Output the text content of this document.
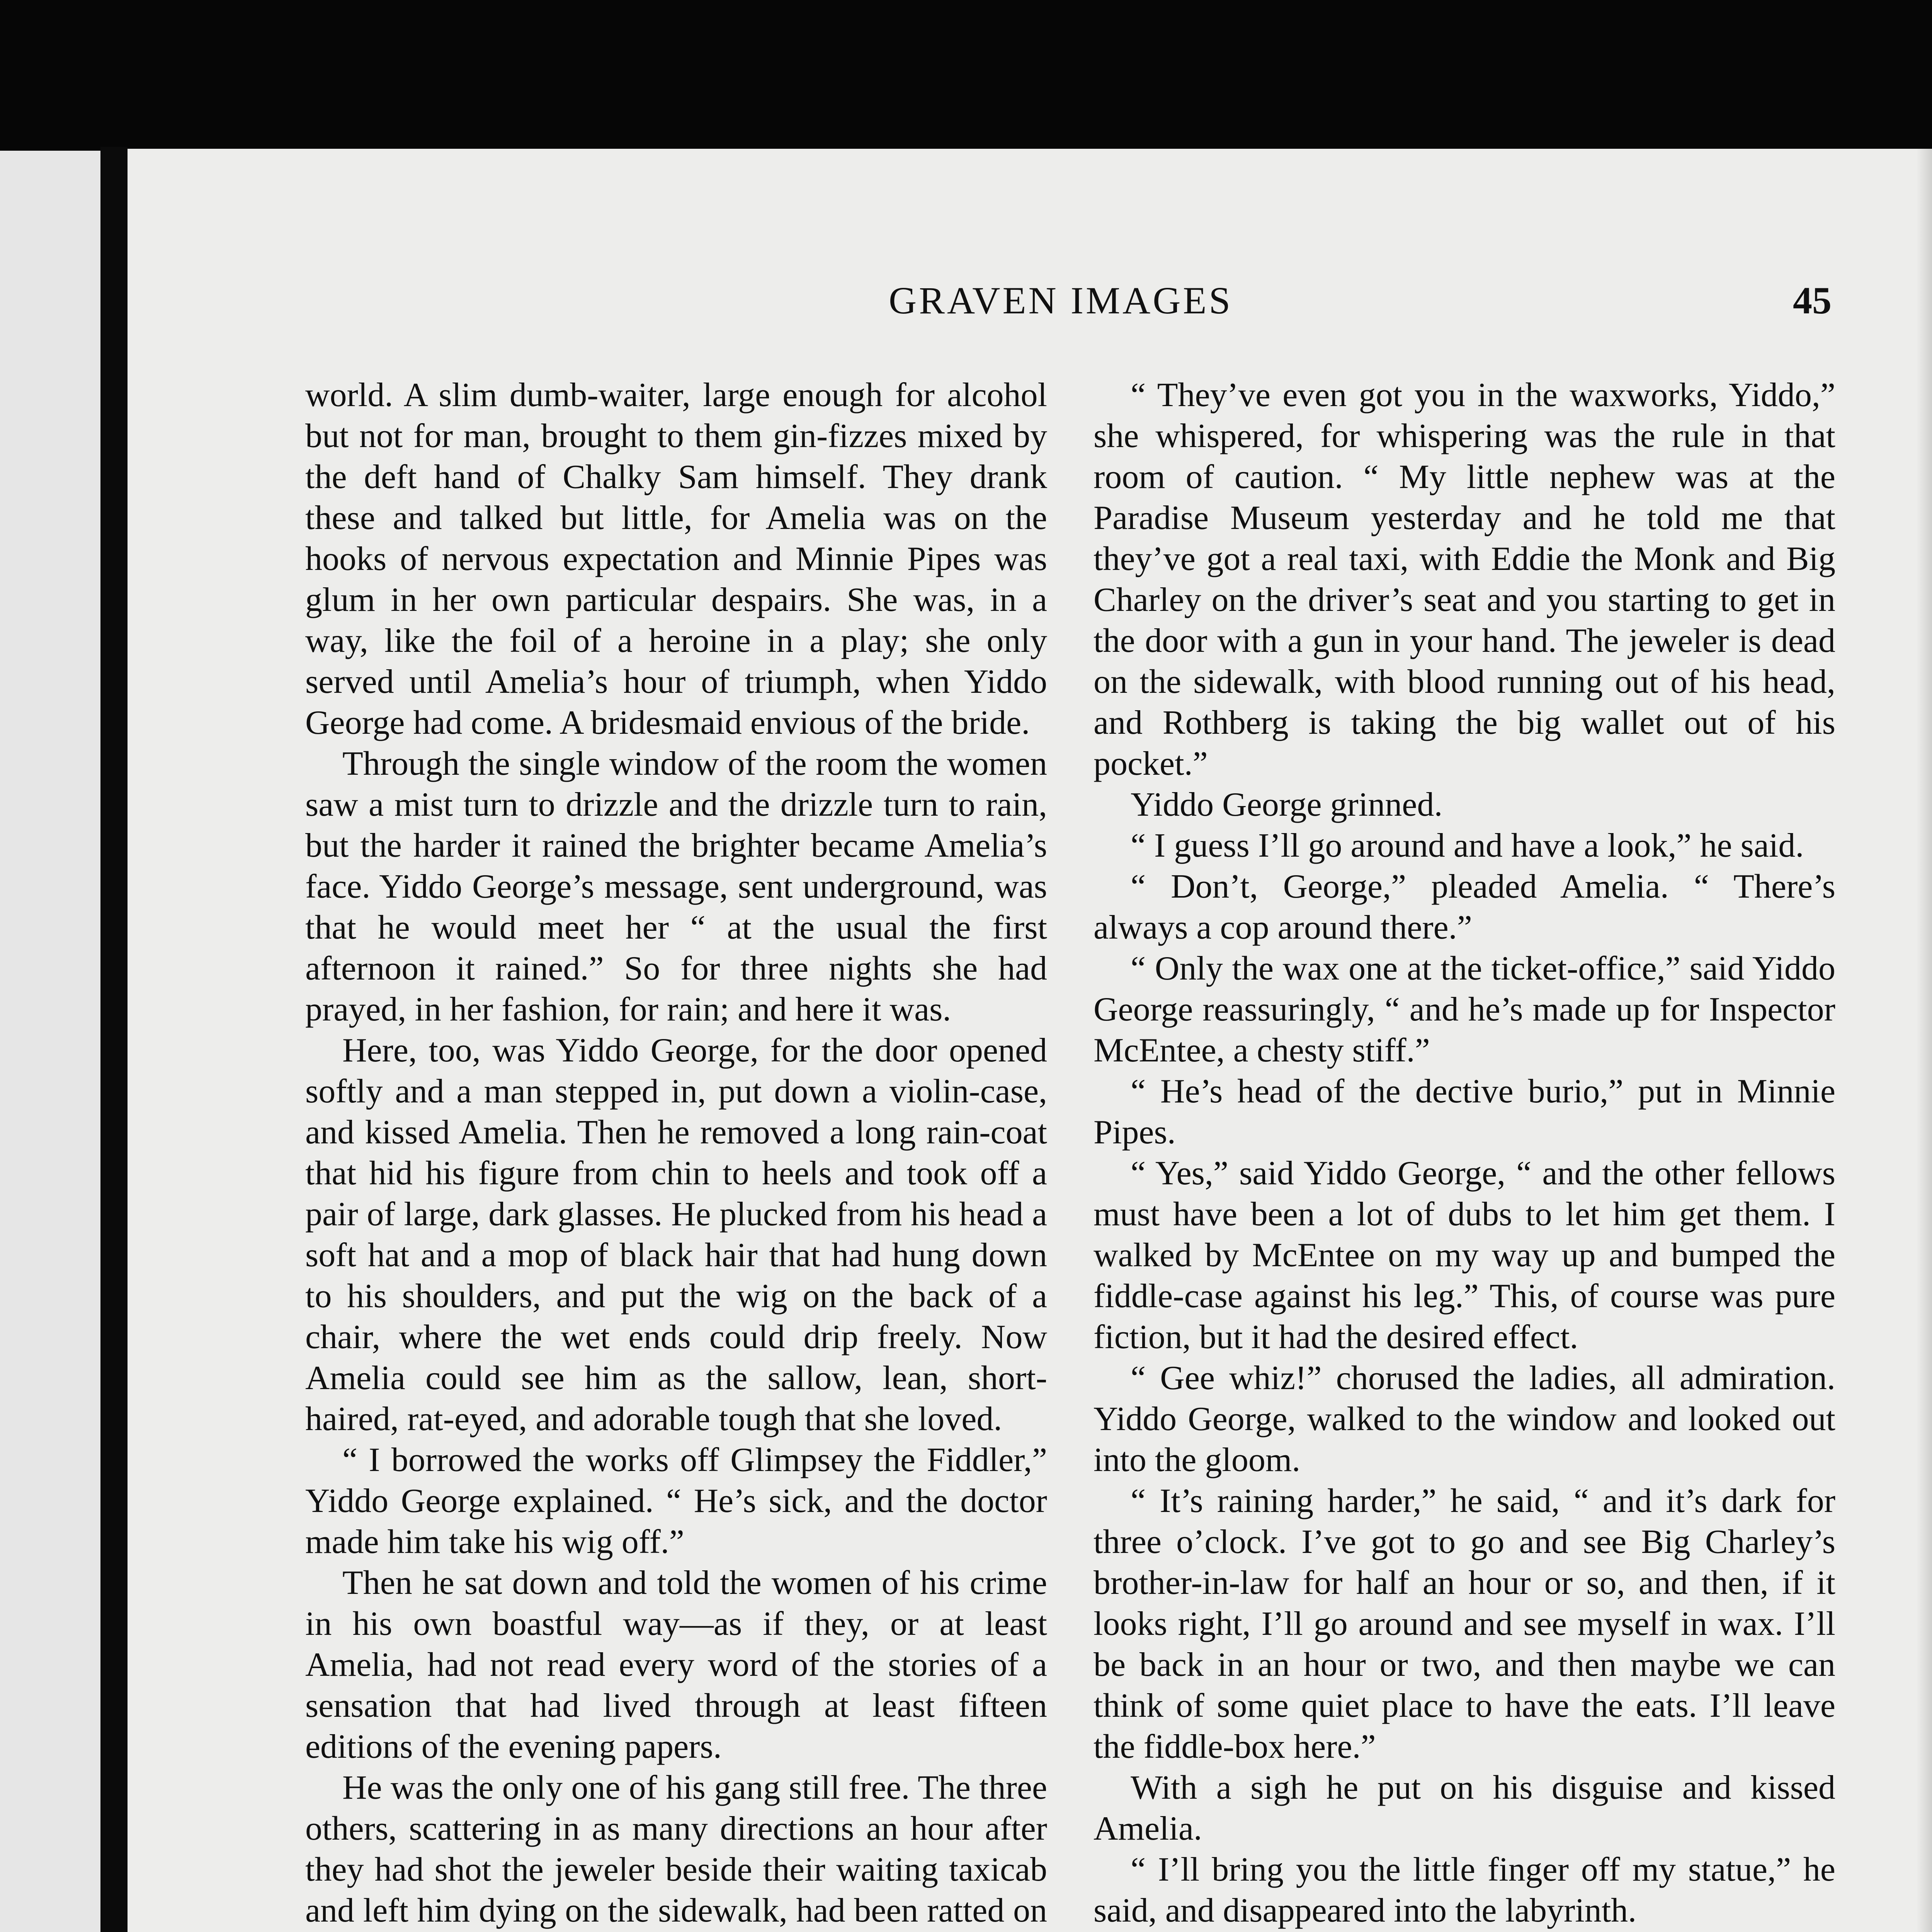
GRAVEN IMAGES	45

world. A slim dumb-waiter, large enough for alcohol but not for man, brought to them gin-fizzes mixed by the deft hand of Chalky Sam himself. They drank these and talked but little, for Amelia was on the hooks of nervous expectation and Minnie Pipes was glum in her own particular despairs. She was, in a way, like the foil of a heroine in a play; she only served until Amelia’s hour of triumph, when Yiddo George had come. A bridesmaid envious of the bride.

Through the single window of the room the women saw a mist turn to drizzle and the drizzle turn to rain, but the harder it rained the brighter became Amelia’s face. Yiddo George’s message, sent underground, was that he would meet her “ at the usual the first afternoon it rained.” So for three nights she had prayed, in her fashion, for rain; and here it was.

Here, too, was Yiddo George, for the door opened softly and a man stepped in, put down a violin-case, and kissed Amelia. Then he removed a long rain-coat that hid his figure from chin to heels and took off a pair of large, dark glasses. He plucked from his head a soft hat and a mop of black hair that had hung down to his shoulders, and put the wig on the back of a chair, where the wet ends could drip freely. Now Amelia could see him as the sallow, lean, short-haired, rat-eyed, and adorable tough that she loved.

“ I borrowed the works off Glimpsey the Fiddler,” Yiddo George explained. “ He’s sick, and the doctor made him take his wig off.”

Then he sat down and told the women of his crime in his own boastful way—as if they, or at least Amelia, had not read every word of the stories of a sensation that had lived through at least fifteen editions of the evening papers.

He was the only one of his gang still free. The three others, scattering in as many directions an hour after they had shot the jeweler beside their waiting taxicab and left him dying on the sidewalk, had been ratted on

“ They’ve even got you in the waxworks, Yiddo,” she whispered, for whispering was the rule in that room of caution. “ My little nephew was at the Paradise Museum yesterday and he told me that they’ve got a real taxi, with Eddie the Monk and Big Charley on the driver’s seat and you starting to get in the door with a gun in your hand. The jeweler is dead on the sidewalk, with blood running out of his head, and Rothberg is taking the big wallet out of his pocket.”

Yiddo George grinned.

“ I guess I’ll go around and have a look,” he said.

“ Don’t, George,” pleaded Amelia. “ There’s always a cop around there.”

“ Only the wax one at the ticket-office,” said Yiddo George reassuringly, “ and he’s made up for Inspector McEntee, a chesty stiff.”

“ He’s head of the dective burio,” put in Minnie Pipes.

“ Yes,” said Yiddo George, “ and the other fellows must have been a lot of dubs to let him get them. I walked by McEntee on my way up and bumped the fiddle-case against his leg.” This, of course was pure fiction, but it had the desired effect.

“ Gee whiz!” chorused the ladies, all admiration. Yiddo George, walked to the window and looked out into the gloom.

“ It’s raining harder,” he said, “ and it’s dark for three o’clock. I’ve got to go and see Big Charley’s brother-in-law for half an hour or so, and then, if it looks right, I’ll go around and see myself in wax. I’ll be back in an hour or two, and then maybe we can think of some quiet place to have the eats. I’ll leave the fiddle-box here.”

With a sigh he put on his disguise and kissed Amelia.

“ I’ll bring you the little finger off my statue,” he said, and disappeared into the labyrinth.
